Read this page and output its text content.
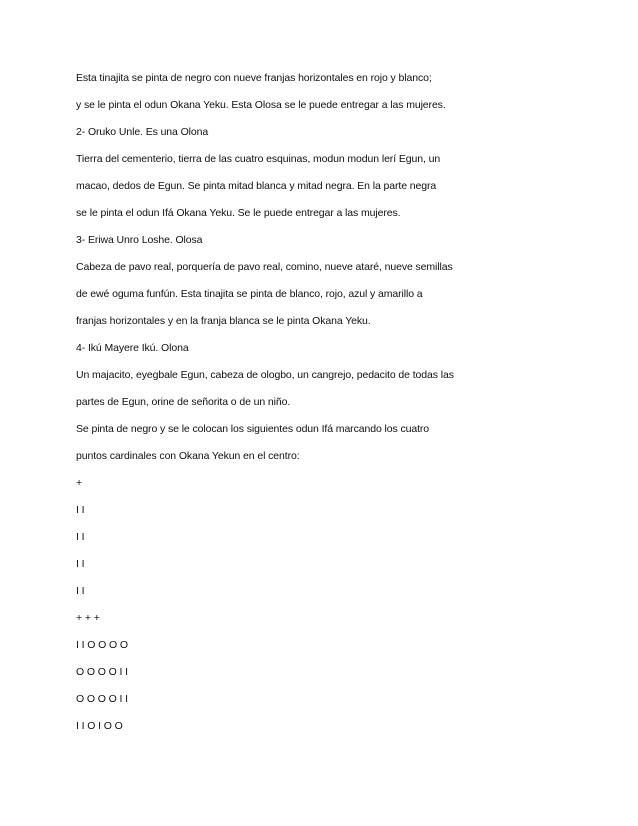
Esta tinajita se pinta de negro con nueve franjas horizontales en rojo y blanco;
y se le pinta el odun Okana Yeku. Esta Olosa se le puede entregar a las mujeres.
2- Oruko Unle. Es una Olona
Tierra del cementerio, tierra de las cuatro esquinas, modun modun lerí Egun, un
macao, dedos de Egun. Se pinta mitad blanca y mitad negra. En la parte negra
se le pinta el odun Ifá Okana Yeku. Se le puede entregar a las mujeres.
3- Eriwa Unro Loshe. Olosa
Cabeza de pavo real, porquería de pavo real, comino, nueve ataré, nueve semillas
de ewé oguma funfún. Esta tinajita se pinta de blanco, rojo, azul y amarillo a
franjas horizontales y en la franja blanca se le pinta Okana Yeku.
4- Ikú Mayere Ikú. Olona
Un majacito, eyegbale Egun, cabeza de ologbo, un cangrejo, pedacito de todas las
partes de Egun, orine de señorita o de un niño.
Se pinta de negro y se le colocan los siguientes odun Ifá marcando los cuatro
puntos cardinales con Okana Yekun en el centro:
+
I I
I I
I I
I I
+ + +
I I O O O O
O O O O I I
O O O O I I
I I O I O O
